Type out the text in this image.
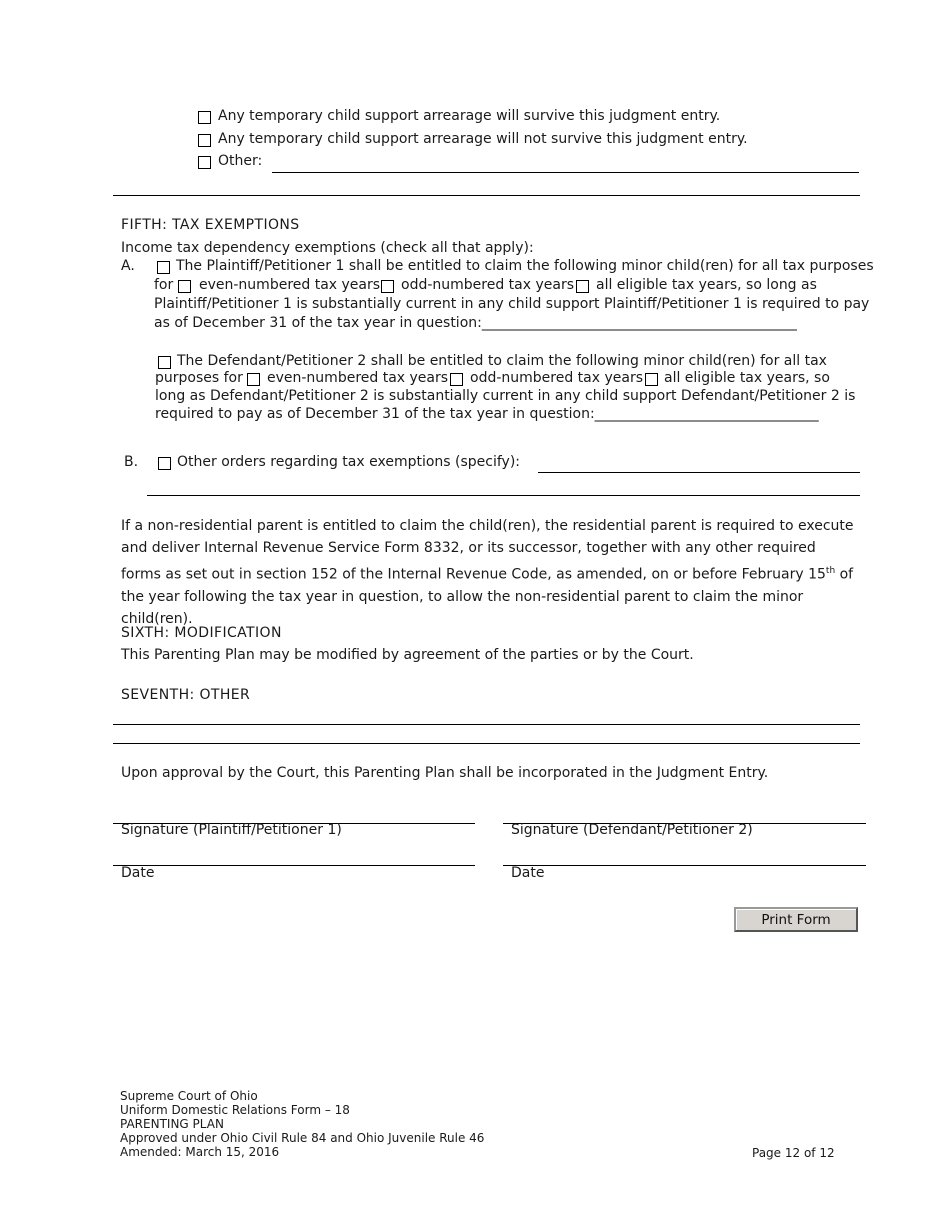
Any temporary child support arrearage will survive this judgment entry.
Any temporary child support arrearage will not survive this judgment entry.
Other:
FIFTH: TAX EXEMPTIONS
Income tax dependency exemptions (check all that apply):
A.	The Plaintiff/Petitioner 1 shall be entitled to claim the following minor child(ren) for all tax purposes
for even-numbered tax years odd-numbered tax years all eligible tax years, so long as
Plaintiff/Petitioner 1 is substantially current in any child support Plaintiff/Petitioner 1 is required to pay
as of December 31 of the tax year in question:_____________________________________________
The Defendant/Petitioner 2 shall be entitled to claim the following minor child(ren) for all tax
purposes for even-numbered tax years odd-numbered tax years all eligible tax years, so
long as Defendant/Petitioner 2 is substantially current in any child support Defendant/Petitioner 2 is
required to pay as of December 31 of the tax year in question:________________________________
B.	Other orders regarding tax exemptions (specify):
If a non-residential parent is entitled to claim the child(ren), the residential parent is required to execute and deliver Internal Revenue Service Form 8332, or its successor, together with any other required forms as set out in section 152 of the Internal Revenue Code, as amended, on or before February 15th of the year following the tax year in question, to allow the non-residential parent to claim the minor child(ren).
SIXTH: MODIFICATION
This Parenting Plan may be modified by agreement of the parties or by the Court.
SEVENTH: OTHER
Upon approval by the Court, this Parenting Plan shall be incorporated in the Judgment Entry.
Signature (Plaintiff/Petitioner 1)	Signature (Defendant/Petitioner 2)
Date	Date
Print Form
Supreme Court of Ohio
Uniform Domestic Relations Form – 18
PARENTING PLAN
Approved under Ohio Civil Rule 84 and Ohio Juvenile Rule 46
Amended: March 15, 2016	Page 12 of 12
